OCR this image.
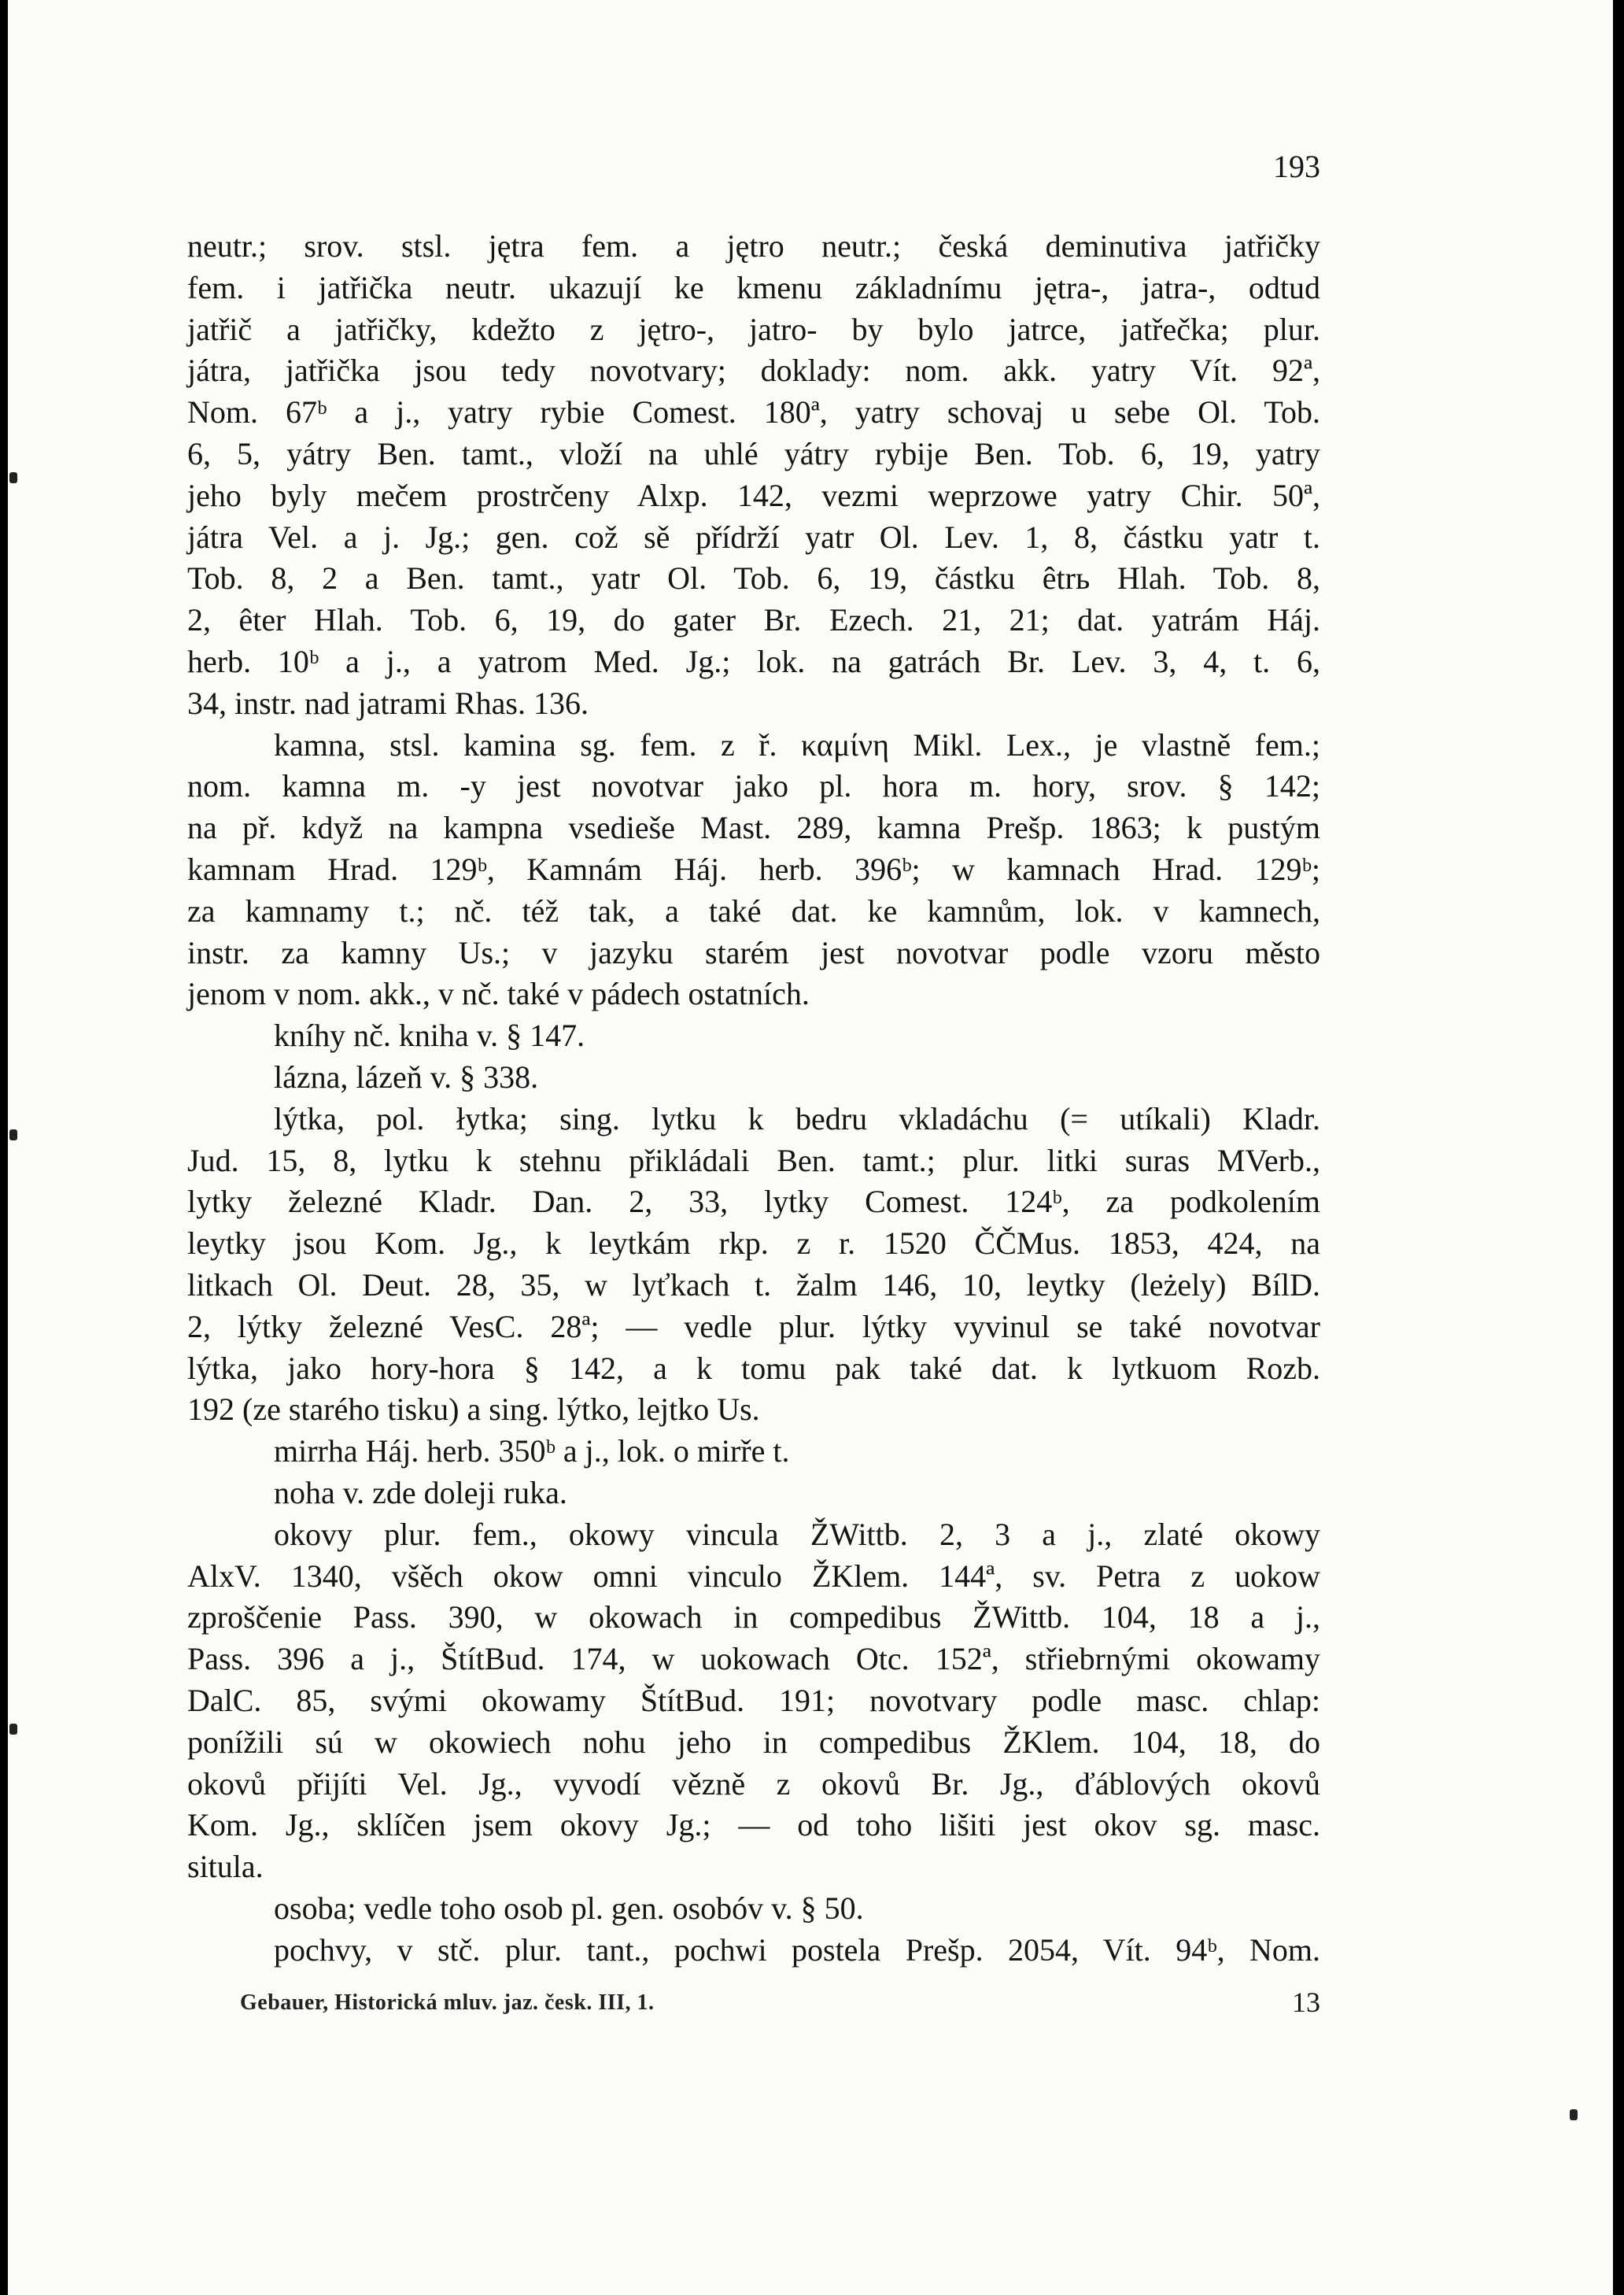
193
neutr.; srov. stsl. jętra fem. a jętro neutr.; česká deminutiva jatřičky
fem. i jatřička neutr. ukazují ke kmenu základnímu jętra-, jatra-, odtud
jatřič a jatřičky, kdežto z jętro-, jatro- by bylo jatrce, jatřečka; plur.
játra, jatřička jsou tedy novotvary; doklady: nom. akk. yatry Vít. 92ª,
Nom. 67ᵇ a j., yatry rybie Comest. 180ª, yatry schovaj u sebe Ol. Tob.
6, 5, yátry Ben. tamt., vloží na uhlé yátry rybije Ben. Tob. 6, 19, yatry
jeho byly mečem prostrčeny Alxp. 142, vezmi weprzowe yatry Chir. 50ª,
játra Vel. a j. Jg.; gen. což sě přídrží yatr Ol. Lev. 1, 8, částku yatr t.
Tob. 8, 2 a Ben. tamt., yatr Ol. Tob. 6, 19, částku êtrь Hlah. Tob. 8,
2, êter Hlah. Tob. 6, 19, do gater Br. Ezech. 21, 21; dat. yatrám Háj.
herb. 10ᵇ a j., a yatrom Med. Jg.; lok. na gatrách Br. Lev. 3, 4, t. 6,
34, instr. nad jatrami Rhas. 136.
kamna, stsl. kamina sg. fem. z ř. καμίνη Mikl. Lex., je vlastně fem.;
nom. kamna m. -y jest novotvar jako pl. hora m. hory, srov. § 142;
na př. když na kampna vsedieše Mast. 289, kamna Prešp. 1863; k pustým
kamnam Hrad. 129ᵇ, Kamnám Háj. herb. 396ᵇ; w kamnach Hrad. 129ᵇ;
za kamnamy t.; nč. též tak, a také dat. ke kamnům, lok. v kamnech,
instr. za kamny Us.; v jazyku starém jest novotvar podle vzoru město
jenom v nom. akk., v nč. také v pádech ostatních.
kníhy nč. kniha v. § 147.
lázna, lázeň v. § 338.
lýtka, pol. łytka; sing. lytku k bedru vkladáchu (= utíkali) Kladr.
Jud. 15, 8, lytku k stehnu přikládali Ben. tamt.; plur. litki suras MVerb.,
lytky železné Kladr. Dan. 2, 33, lytky Comest. 124ᵇ, za podkolením
leytky jsou Kom. Jg., k leytkám rkp. z r. 1520 ČČMus. 1853, 424, na
litkach Ol. Deut. 28, 35, w lyťkach t. žalm 146, 10, leytky (leżely) BílD.
2, lýtky železné VesC. 28ª; — vedle plur. lýtky vyvinul se také novotvar
lýtka, jako hory-hora § 142, a k tomu pak také dat. k lytkuom Rozb.
192 (ze starého tisku) a sing. lýtko, lejtko Us.
mirrha Háj. herb. 350ᵇ a j., lok. o mirře t.
noha v. zde doleji ruka.
okovy plur. fem., okowy vincula ŽWittb. 2, 3 a j., zlaté okowy
AlxV. 1340, všěch okow omni vinculo ŽKlem. 144ª, sv. Petra z uokow
zproščenie Pass. 390, w okowach in compedibus ŽWittb. 104, 18 a j.,
Pass. 396 a j., ŠtítBud. 174, w uokowach Otc. 152ª, střiebrnými okowamy
DalC. 85, svými okowamy ŠtítBud. 191; novotvary podle masc. chlap:
ponížili sú w okowiech nohu jeho in compedibus ŽKlem. 104, 18, do
okovů přijíti Vel. Jg., vyvodí vězně z okovů Br. Jg., ďáblových okovů
Kom. Jg., sklíčen jsem okovy Jg.; — od toho lišiti jest okov sg. masc.
situla.
osoba; vedle toho osob pl. gen. osobóv v. § 50.
pochvy, v stč. plur. tant., pochwi postela Prešp. 2054, Vít. 94ᵇ, Nom.
Gebauer, Historická mluv. jaz. česk. III, 1.	13
